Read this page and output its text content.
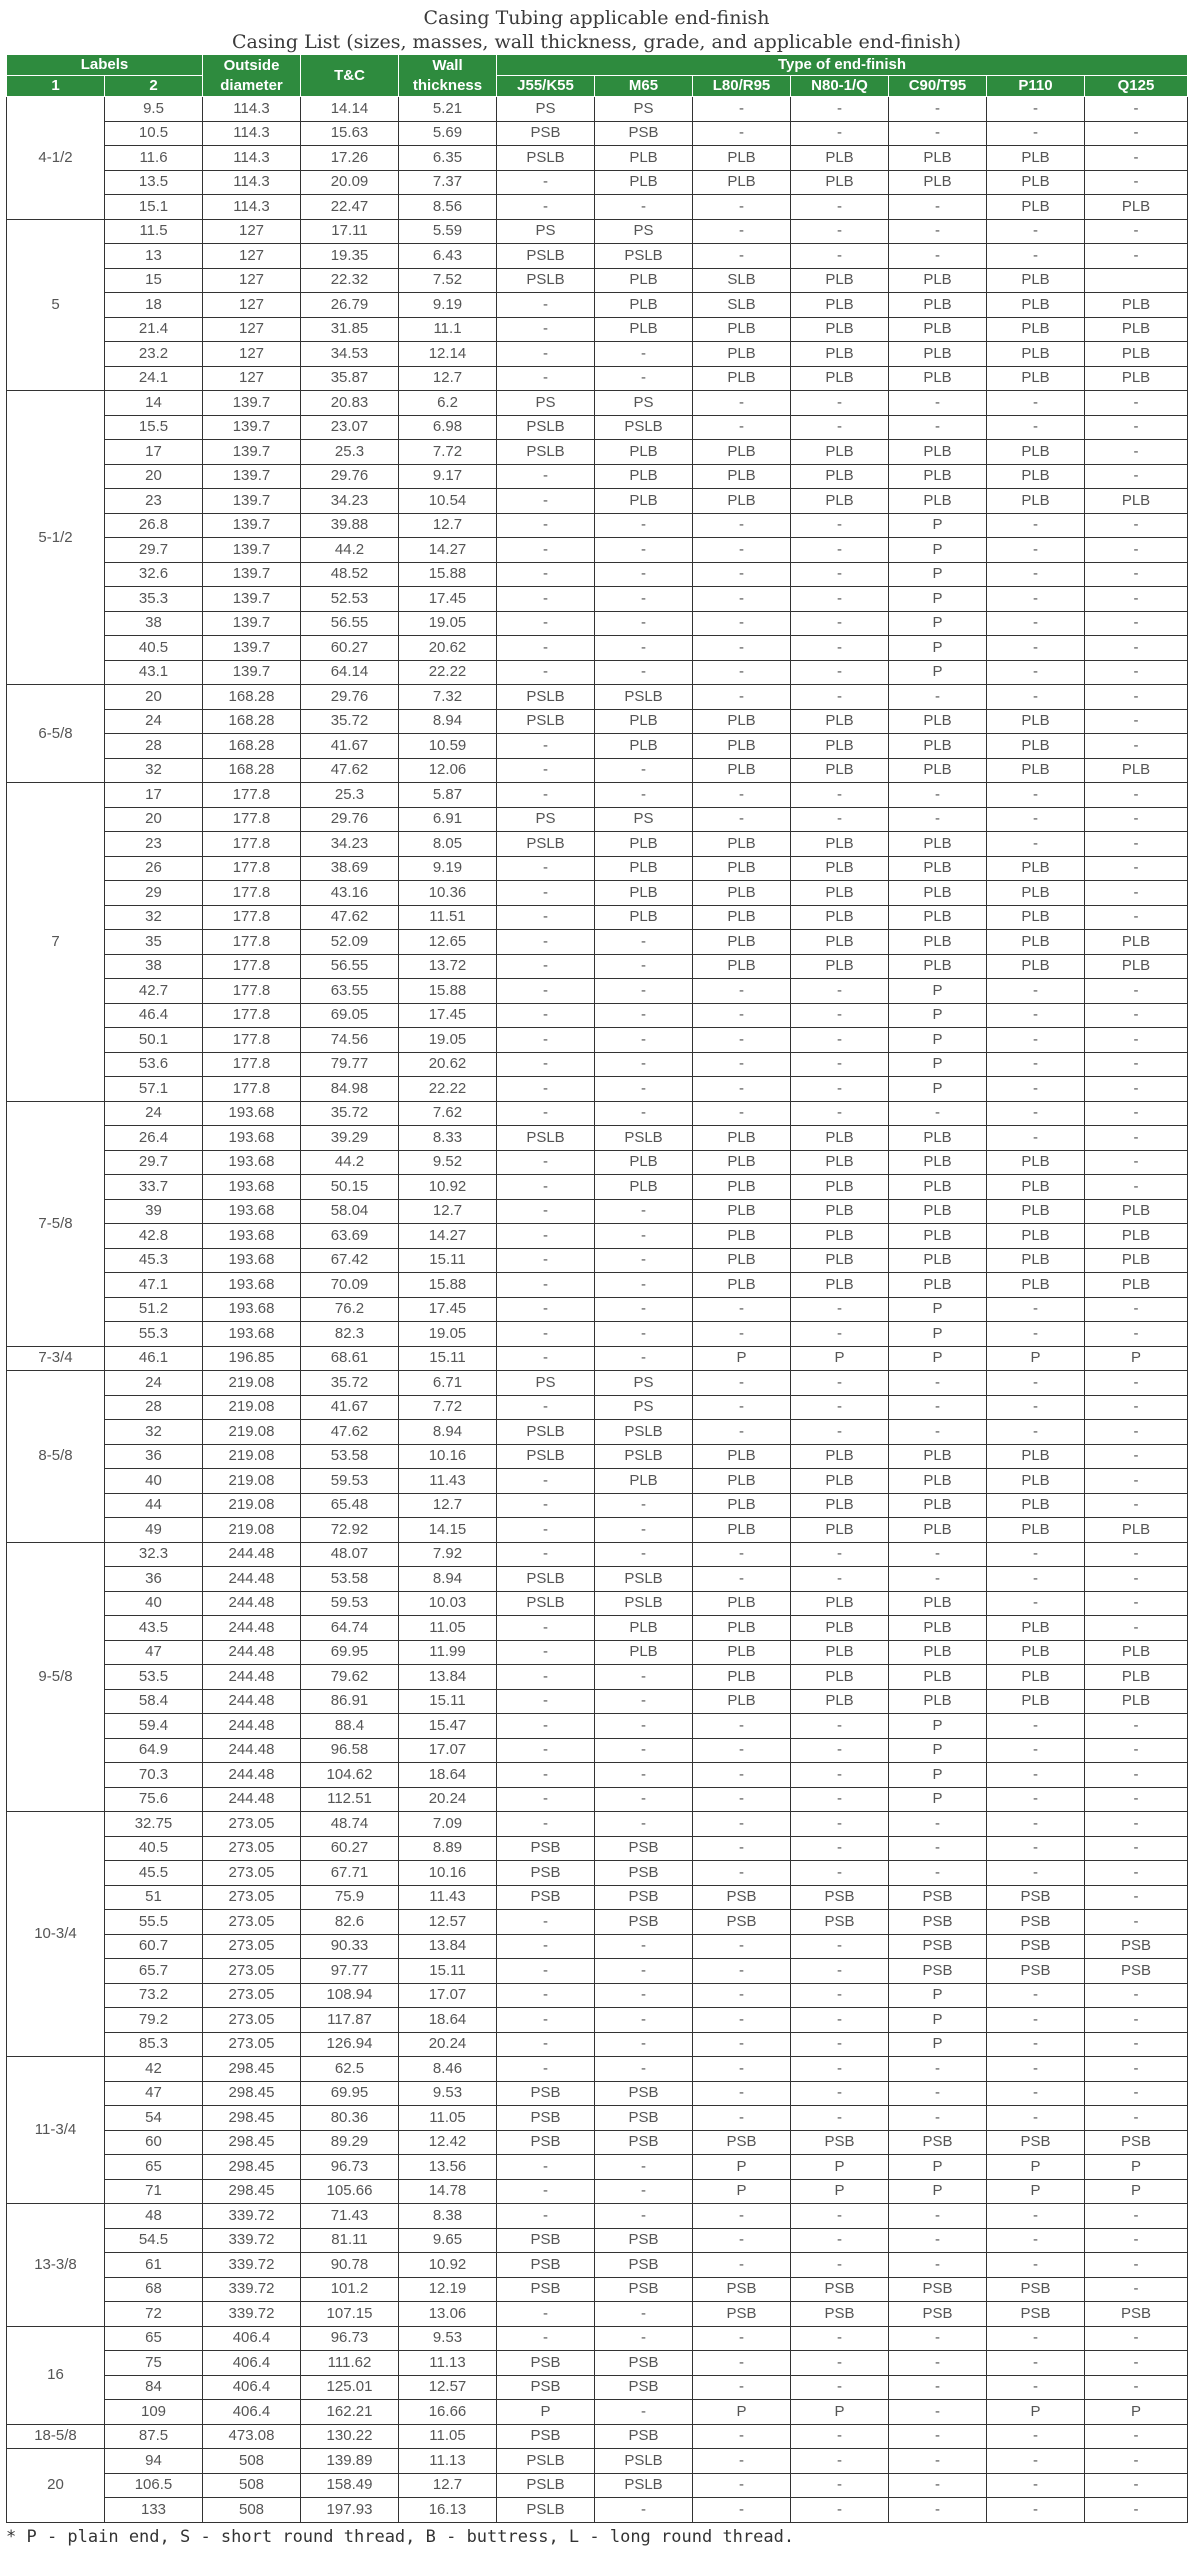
Casing Tubing applicable end-finish
Casing List (sizes, masses, wall thickness, grade, and applicable end-finish)
Labels		Outside diameter	T&C	Wall thickness	Type of end-finish						
1	2				J55/K55	M65	L80/R95	N80-1/Q	C90/T95	P110	Q125
4-1/2	9.5	114.3	14.14	5.21	PS	PS	-	-	-	-	-
	10.5	114.3	15.63	5.69	PSB	PSB	-	-	-	-	-
	11.6	114.3	17.26	6.35	PSLB	PLB	PLB	PLB	PLB	PLB	-
	13.5	114.3	20.09	7.37	-	PLB	PLB	PLB	PLB	PLB	-
	15.1	114.3	22.47	8.56	-	-	-	-	-	PLB	PLB
5	11.5	127	17.11	5.59	PS	PS	-	-	-	-	-
	13	127	19.35	6.43	PSLB	PSLB	-	-	-	-	-
	15	127	22.32	7.52	PSLB	PLB	SLB	PLB	PLB	PLB	
	18	127	26.79	9.19	-	PLB	SLB	PLB	PLB	PLB	PLB
	21.4	127	31.85	11.1	-	PLB	PLB	PLB	PLB	PLB	PLB
	23.2	127	34.53	12.14	-	-	PLB	PLB	PLB	PLB	PLB
	24.1	127	35.87	12.7	-	-	PLB	PLB	PLB	PLB	PLB
5-1/2	14	139.7	20.83	6.2	PS	PS	-	-	-	-	-
	15.5	139.7	23.07	6.98	PSLB	PSLB	-	-	-	-	-
	17	139.7	25.3	7.72	PSLB	PLB	PLB	PLB	PLB	PLB	-
	20	139.7	29.76	9.17	-	PLB	PLB	PLB	PLB	PLB	-
	23	139.7	34.23	10.54	-	PLB	PLB	PLB	PLB	PLB	PLB
	26.8	139.7	39.88	12.7	-	-	-	-	P	-	-
	29.7	139.7	44.2	14.27	-	-	-	-	P	-	-
	32.6	139.7	48.52	15.88	-	-	-	-	P	-	-
	35.3	139.7	52.53	17.45	-	-	-	-	P	-	-
	38	139.7	56.55	19.05	-	-	-	-	P	-	-
	40.5	139.7	60.27	20.62	-	-	-	-	P	-	-
	43.1	139.7	64.14	22.22	-	-	-	-	P	-	-
6-5/8	20	168.28	29.76	7.32	PSLB	PSLB	-	-	-	-	-
	24	168.28	35.72	8.94	PSLB	PLB	PLB	PLB	PLB	PLB	-
	28	168.28	41.67	10.59	-	PLB	PLB	PLB	PLB	PLB	-
	32	168.28	47.62	12.06	-	-	PLB	PLB	PLB	PLB	PLB
7	17	177.8	25.3	5.87	-	-	-	-	-	-	-
	20	177.8	29.76	6.91	PS	PS	-	-	-	-	-
	23	177.8	34.23	8.05	PSLB	PLB	PLB	PLB	PLB	-	-
	26	177.8	38.69	9.19	-	PLB	PLB	PLB	PLB	PLB	-
	29	177.8	43.16	10.36	-	PLB	PLB	PLB	PLB	PLB	-
	32	177.8	47.62	11.51	-	PLB	PLB	PLB	PLB	PLB	-
	35	177.8	52.09	12.65	-	-	PLB	PLB	PLB	PLB	PLB
	38	177.8	56.55	13.72	-	-	PLB	PLB	PLB	PLB	PLB
	42.7	177.8	63.55	15.88	-	-	-	-	P	-	-
	46.4	177.8	69.05	17.45	-	-	-	-	P	-	-
	50.1	177.8	74.56	19.05	-	-	-	-	P	-	-
	53.6	177.8	79.77	20.62	-	-	-	-	P	-	-
	57.1	177.8	84.98	22.22	-	-	-	-	P	-	-
7-5/8	24	193.68	35.72	7.62	-	-	-	-	-	-	-
	26.4	193.68	39.29	8.33	PSLB	PSLB	PLB	PLB	PLB	-	-
	29.7	193.68	44.2	9.52	-	PLB	PLB	PLB	PLB	PLB	-
	33.7	193.68	50.15	10.92	-	PLB	PLB	PLB	PLB	PLB	-
	39	193.68	58.04	12.7	-	-	PLB	PLB	PLB	PLB	PLB
	42.8	193.68	63.69	14.27	-	-	PLB	PLB	PLB	PLB	PLB
	45.3	193.68	67.42	15.11	-	-	PLB	PLB	PLB	PLB	PLB
	47.1	193.68	70.09	15.88	-	-	PLB	PLB	PLB	PLB	PLB
	51.2	193.68	76.2	17.45	-	-	-	-	P	-	-
	55.3	193.68	82.3	19.05	-	-	-	-	P	-	-
7-3/4	46.1	196.85	68.61	15.11	-	-	P	P	P	P	P
8-5/8	24	219.08	35.72	6.71	PS	PS	-	-	-	-	-
	28	219.08	41.67	7.72	-	PS	-	-	-	-	-
	32	219.08	47.62	8.94	PSLB	PSLB	-	-	-	-	-
	36	219.08	53.58	10.16	PSLB	PSLB	PLB	PLB	PLB	PLB	-
	40	219.08	59.53	11.43	-	PLB	PLB	PLB	PLB	PLB	-
	44	219.08	65.48	12.7	-	-	PLB	PLB	PLB	PLB	-
	49	219.08	72.92	14.15	-	-	PLB	PLB	PLB	PLB	PLB
9-5/8	32.3	244.48	48.07	7.92	-	-	-	-	-	-	-
	36	244.48	53.58	8.94	PSLB	PSLB	-	-	-	-	-
	40	244.48	59.53	10.03	PSLB	PSLB	PLB	PLB	PLB	-	-
	43.5	244.48	64.74	11.05	-	PLB	PLB	PLB	PLB	PLB	-
	47	244.48	69.95	11.99	-	PLB	PLB	PLB	PLB	PLB	PLB
	53.5	244.48	79.62	13.84	-	-	PLB	PLB	PLB	PLB	PLB
	58.4	244.48	86.91	15.11	-	-	PLB	PLB	PLB	PLB	PLB
	59.4	244.48	88.4	15.47	-	-	-	-	P	-	-
	64.9	244.48	96.58	17.07	-	-	-	-	P	-	-
	70.3	244.48	104.62	18.64	-	-	-	-	P	-	-
	75.6	244.48	112.51	20.24	-	-	-	-	P	-	-
10-3/4	32.75	273.05	48.74	7.09	-	-	-	-	-	-	-
	40.5	273.05	60.27	8.89	PSB	PSB	-	-	-	-	-
	45.5	273.05	67.71	10.16	PSB	PSB	-	-	-	-	-
	51	273.05	75.9	11.43	PSB	PSB	PSB	PSB	PSB	PSB	-
	55.5	273.05	82.6	12.57	-	PSB	PSB	PSB	PSB	PSB	-
	60.7	273.05	90.33	13.84	-	-	-	-	PSB	PSB	PSB
	65.7	273.05	97.77	15.11	-	-	-	-	PSB	PSB	PSB
	73.2	273.05	108.94	17.07	-	-	-	-	P	-	-
	79.2	273.05	117.87	18.64	-	-	-	-	P	-	-
	85.3	273.05	126.94	20.24	-	-	-	-	P	-	-
11-3/4	42	298.45	62.5	8.46	-	-	-	-	-	-	-
	47	298.45	69.95	9.53	PSB	PSB	-	-	-	-	-
	54	298.45	80.36	11.05	PSB	PSB	-	-	-	-	-
	60	298.45	89.29	12.42	PSB	PSB	PSB	PSB	PSB	PSB	PSB
	65	298.45	96.73	13.56	-	-	P	P	P	P	P
	71	298.45	105.66	14.78	-	-	P	P	P	P	P
13-3/8	48	339.72	71.43	8.38	-	-	-	-	-	-	-
	54.5	339.72	81.11	9.65	PSB	PSB	-	-	-	-	-
	61	339.72	90.78	10.92	PSB	PSB	-	-	-	-	-
	68	339.72	101.2	12.19	PSB	PSB	PSB	PSB	PSB	PSB	-
	72	339.72	107.15	13.06	-	-	PSB	PSB	PSB	PSB	PSB
16	65	406.4	96.73	9.53	-	-	-	-	-	-	-
	75	406.4	111.62	11.13	PSB	PSB	-	-	-	-	-
	84	406.4	125.01	12.57	PSB	PSB	-	-	-	-	-
	109	406.4	162.21	16.66	P	-	P	P	-	P	P
18-5/8	87.5	473.08	130.22	11.05	PSB	PSB	-	-	-	-	-
20	94	508	139.89	11.13	PSLB	PSLB	-	-	-	-	-
	106.5	508	158.49	12.7	PSLB	PSLB	-	-	-	-	-
	133	508	197.93	16.13	PSLB	-	-	-	-	-	-
* P - plain end, S - short round thread, B - buttress, L - long round thread.
